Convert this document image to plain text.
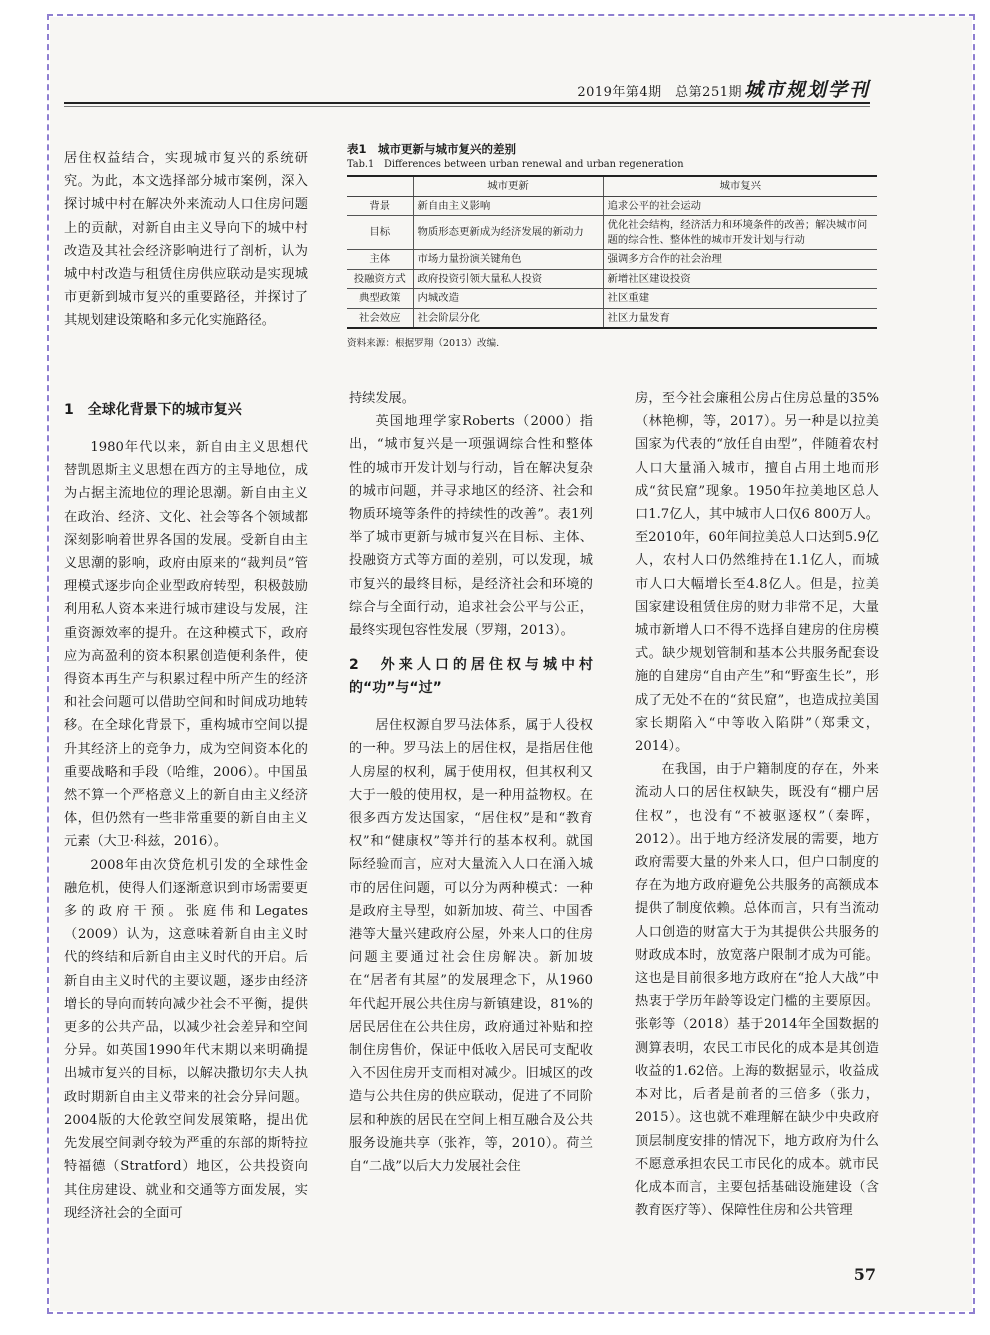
2019年第4期　总第251期 城市规划学刊

居住权益结合，实现城市复兴的系统研究。为此，本文选择部分城市案例，深入探讨城中村在解决外来流动人口住房问题上的贡献，对新自由主义导向下的城中村改造及其社会经济影响进行了剖析，认为城中村改造与租赁住房供应联动是实现城市更新到城市复兴的重要路径，并探讨了其规划建设策略和多元化实施路径。

表1　城市更新与城市复兴的差别
Tab.1　Differences between urban renewal and urban regeneration
	城市更新	城市复兴
背景	新自由主义影响	追求公平的社会运动
目标	物质形态更新成为经济发展的新动力	优化社会结构，经济活力和环境条件的改善；解决城市问题的综合性、整体性的城市开发计划与行动
主体	市场力量扮演关键角色	强调多方合作的社会治理
投融资方式	政府投资引领大量私人投资	新增社区建设投资
典型政策	内城改造	社区重建
社会效应	社会阶层分化	社区力量发育
资料来源：根据罗翔（2013）改编.
1　全球化背景下的城市复兴

1980年代以来，新自由主义思想代替凯恩斯主义思想在西方的主导地位，成为占据主流地位的理论思潮。新自由主义在政治、经济、文化、社会等各个领域都深刻影响着世界各国的发展。受新自由主义思潮的影响，政府由原来的“裁判员”管理模式逐步向企业型政府转型，积极鼓励利用私人资本来进行城市建设与发展，注重资源效率的提升。在这种模式下，政府应为高盈利的资本积累创造便利条件，使得资本再生产与积累过程中所产生的经济和社会问题可以借助空间和时间成功地转移。在全球化背景下，重构城市空间以提升其经济上的竞争力，成为空间资本化的重要战略和手段（哈维，2006）。中国虽然不算一个严格意义上的新自由主义经济体，但仍然有一些非常重要的新自由主义元素（大卫·科兹，2016）。

2008年由次贷危机引发的全球性金融危机，使得人们逐渐意识到市场需要更多的政府干预。张庭伟和Legates（2009）认为，这意味着新自由主义时代的终结和后新自由主义时代的开启。后新自由主义时代的主要议题，逐步由经济增长的导向而转向减少社会不平衡，提供更多的公共产品，以减少社会差异和空间分异。如英国1990年代末期以来明确提出城市复兴的目标，以解决撒切尔夫人执政时期新自由主义带来的社会分异问题。2004版的大伦敦空间发展策略，提出优先发展空间剥夺较为严重的东部的斯特拉特福德（Stratford）地区，公共投资向其住房建设、就业和交通等方面发展，实现经济社会的全面可

持续发展。

英国地理学家Roberts（2000）指出，“城市复兴是一项强调综合性和整体性的城市开发计划与行动，旨在解决复杂的城市问题，并寻求地区的经济、社会和物质环境等条件的持续性的改善”。表1列举了城市更新与城市复兴在目标、主体、投融资方式等方面的差别，可以发现，城市复兴的最终目标，是经济社会和环境的综合与全面行动，追求社会公平与公正，最终实现包容性发展（罗翔，2013）。

2　外来人口的居住权与城中村的“功”与“过”

居住权源自罗马法体系，属于人役权的一种。罗马法上的居住权，是指居住他人房屋的权利，属于使用权，但其权利又大于一般的使用权，是一种用益物权。在很多西方发达国家，“居住权”是和“教育权”和“健康权”等并行的基本权利。就国际经验而言，应对大量流入人口在涌入城市的居住问题，可以分为两种模式：一种是政府主导型，如新加坡、荷兰、中国香港等大量兴建政府公屋，外来人口的住房问题主要通过社会住房解决。新加坡在“居者有其屋”的发展理念下，从1960年代起开展公共住房与新镇建设，81%的居民居住在公共住房，政府通过补贴和控制住房售价，保证中低收入居民可支配收入不因住房开支而相对减少。旧城区的改造与公共住房的供应联动，促进了不同阶层和种族的居民在空间上相互融合及公共服务设施共享（张祚，等，2010）。荷兰自“二战”以后大力发展社会住

房，至今社会廉租公房占住房总量的35%（林艳柳，等，2017）。另一种是以拉美国家为代表的“放任自由型”，伴随着农村人口大量涌入城市，擅自占用土地而形成“贫民窟”现象。1950年拉美地区总人口1.7亿人，其中城市人口仅6 800万人。至2010年，60年间拉美总人口达到5.9亿人，农村人口仍然维持在1.1亿人，而城市人口大幅增长至4.8亿人。但是，拉美国家建设租赁住房的财力非常不足，大量城市新增人口不得不选择自建房的住房模式。缺少规划管制和基本公共服务配套设施的自建房“自由产生”和“野蛮生长”，形成了无处不在的“贫民窟”，也造成拉美国家长期陷入“中等收入陷阱”（郑秉文，2014）。

在我国，由于户籍制度的存在，外来流动人口的居住权缺失，既没有“棚户居住权”，也没有“不被驱逐权”（秦晖，2012）。出于地方经济发展的需要，地方政府需要大量的外来人口，但户口制度的存在为地方政府避免公共服务的高额成本提供了制度依赖。总体而言，只有当流动人口创造的财富大于为其提供公共服务的财政成本时，放宽落户限制才成为可能。这也是目前很多地方政府在“抢人大战”中热衷于学历年龄等设定门槛的主要原因。张彰等（2018）基于2014年全国数据的测算表明，农民工市民化的成本是其创造收益的1.62倍。上海的数据显示，收益成本对比，后者是前者的三倍多（张力，2015）。这也就不难理解在缺少中央政府顶层制度安排的情况下，地方政府为什么不愿意承担农民工市民化的成本。就市民化成本而言，主要包括基础设施建设（含教育医疗等）、保障性住房和公共管理

57
